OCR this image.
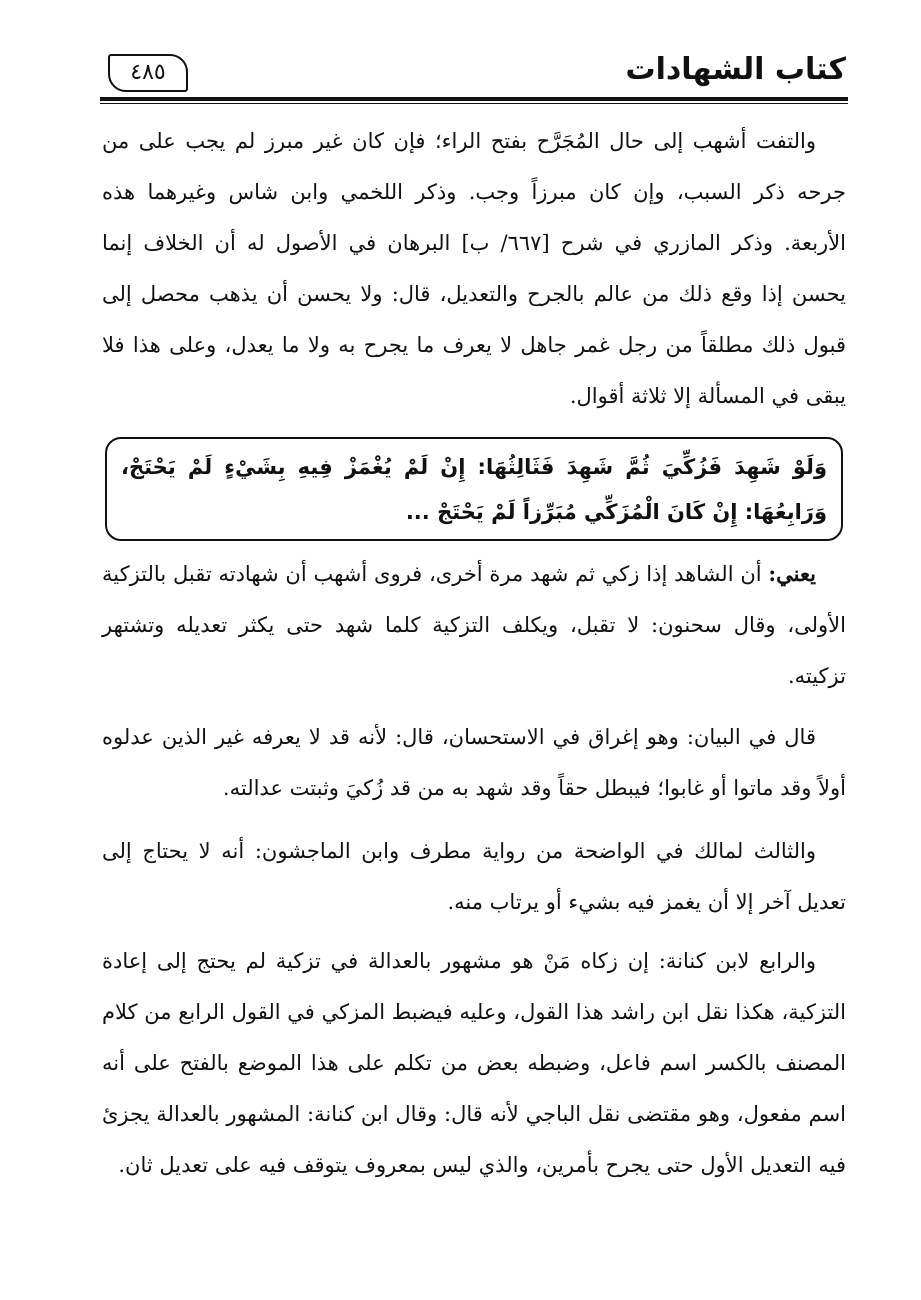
كتاب الشهادات
٤٨٥

والتفت أشهب إلى حال المُجَرَّح بفتح الراء؛ فإن كان غير مبرز لم يجب على من جرحه ذكر السبب، وإن كان مبرزاً وجب. وذكر اللخمي وابن شاس وغيرهما هذه الأربعة. وذكر المازري في شرح [٦٦٧/ ب] البرهان في الأصول له أن الخلاف إنما يحسن إذا وقع ذلك من عالم بالجرح والتعديل، قال: ولا يحسن أن يذهب محصل إلى قبول ذلك مطلقاً من رجل غمر جاهل لا يعرف ما يجرح به ولا ما يعدل، وعلى هذا فلا يبقى في المسألة إلا ثلاثة أقوال.

وَلَوْ شَهِدَ فَزُكِّيَ ثُمَّ شَهِدَ فَثَالِثُهَا: إِنْ لَمْ يُغْمَزْ فِيهِ بِشَيْءٍ لَمْ يَحْتَجْ، وَرَابِعُهَا: إِنْ كَانَ الْمُزَكِّي مُبَرِّزاً لَمْ يَحْتَجْ ...

يعني: أن الشاهد إذا زكي ثم شهد مرة أخرى، فروى أشهب أن شهادته تقبل بالتزكية الأولى، وقال سحنون: لا تقبل، ويكلف التزكية كلما شهد حتى يكثر تعديله وتشتهر تزكيته.

قال في البيان: وهو إغراق في الاستحسان، قال: لأنه قد لا يعرفه غير الذين عدلوه أولاً وقد ماتوا أو غابوا؛ فيبطل حقاً وقد شهد به من قد زُكيَ وثبتت عدالته.

والثالث لمالك في الواضحة من رواية مطرف وابن الماجشون: أنه لا يحتاج إلى تعديل آخر إلا أن يغمز فيه بشيء أو يرتاب منه.

والرابع لابن كنانة: إن زكاه مَنْ هو مشهور بالعدالة في تزكية لم يحتج إلى إعادة التزكية، هكذا نقل ابن راشد هذا القول، وعليه فيضبط المزكي في القول الرابع من كلام المصنف بالكسر اسم فاعل، وضبطه بعض من تكلم على هذا الموضع بالفتح على أنه اسم مفعول، وهو مقتضى نقل الباجي لأنه قال: وقال ابن كنانة: المشهور بالعدالة يجزئ فيه التعديل الأول حتى يجرح بأمرين، والذي ليس بمعروف يتوقف فيه على تعديل ثان.
